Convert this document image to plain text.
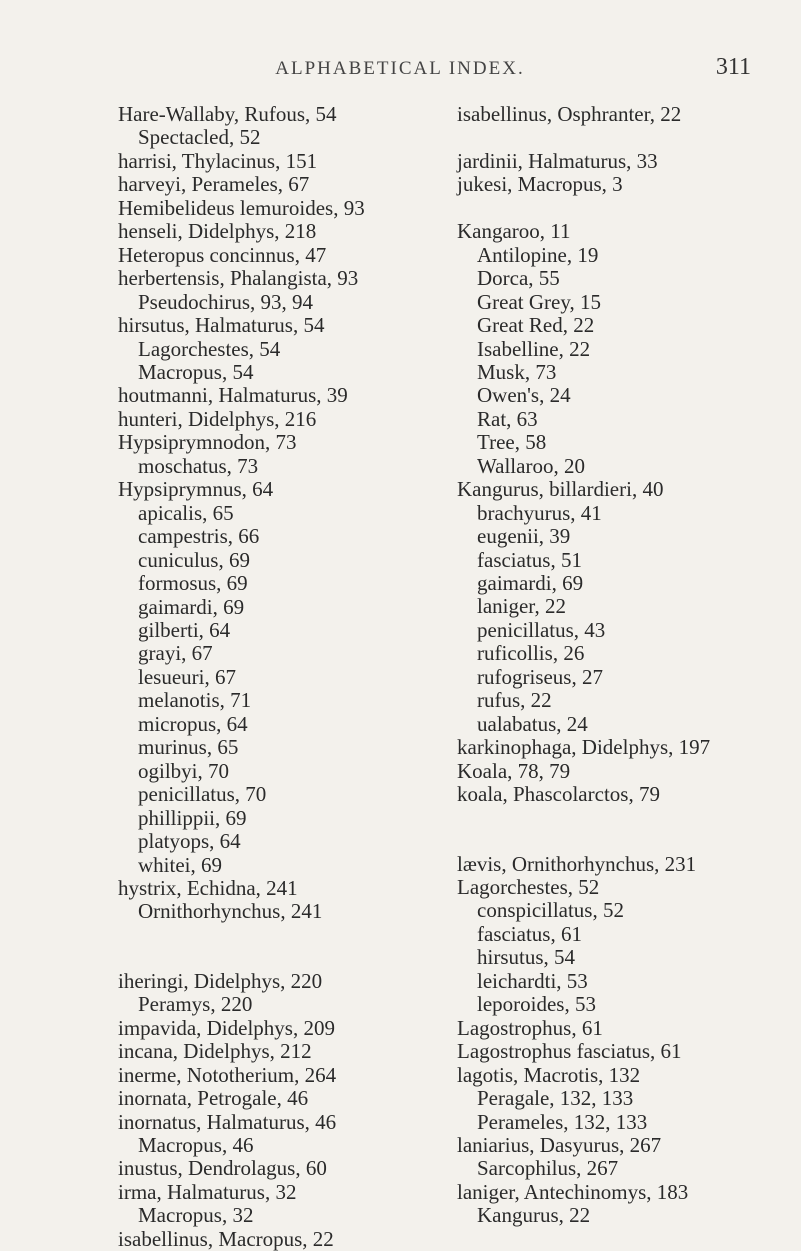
ALPHABETICAL INDEX.	311
Hare-Wallaby, Rufous, 54
Spectacled, 52
harrisi, Thylacinus, 151
harveyi, Perameles, 67
Hemibelideus lemuroides, 93
henseli, Didelphys, 218
Heteropus concinnus, 47
herbertensis, Phalangista, 93
Pseudochirus, 93, 94
hirsutus, Halmaturus, 54
Lagorchestes, 54
Macropus, 54
houtmanni, Halmaturus, 39
hunteri, Didelphys, 216
Hypsiprymnodon, 73
moschatus, 73
Hypsiprymnus, 64
apicalis, 65
campestris, 66
cuniculus, 69
formosus, 69
gaimardi, 69
gilberti, 64
grayi, 67
lesueuri, 67
melanotis, 71
micropus, 64
murinus, 65
ogilbyi, 70
penicillatus, 70
phillippii, 69
platyops, 64
whitei, 69
hystrix, Echidna, 241
Ornithorhynchus, 241
iheringi, Didelphys, 220
Peramys, 220
impavida, Didelphys, 209
incana, Didelphys, 212
inerme, Nototherium, 264
inornata, Petrogale, 46
inornatus, Halmaturus, 46
Macropus, 46
inustus, Dendrolagus, 60
irma, Halmaturus, 32
Macropus, 32
isabellinus, Macropus, 22
isabellinus, Osphranter, 22
jardinii, Halmaturus, 33
jukesi, Macropus, 3
Kangaroo, 11
Antilopine, 19
Dorca, 55
Great Grey, 15
Great Red, 22
Isabelline, 22
Musk, 73
Owen's, 24
Rat, 63
Tree, 58
Wallaroo, 20
Kangurus, billardieri, 40
brachyurus, 41
eugenii, 39
fasciatus, 51
gaimardi, 69
laniger, 22
penicillatus, 43
ruficollis, 26
rufogriseus, 27
rufus, 22
ualabatus, 24
karkinophaga, Didelphys, 197
Koala, 78, 79
koala, Phascolarctos, 79
lævis, Ornithorhynchus, 231
Lagorchestes, 52
conspicillatus, 52
fasciatus, 61
hirsutus, 54
leichardti, 53
leporoides, 53
Lagostrophus, 61
Lagostrophus fasciatus, 61
lagotis, Macrotis, 132
Peragale, 132, 133
Perameles, 132, 133
laniarius, Dasyurus, 267
Sarcophilus, 267
laniger, Antechinomys, 183
Kangurus, 22
